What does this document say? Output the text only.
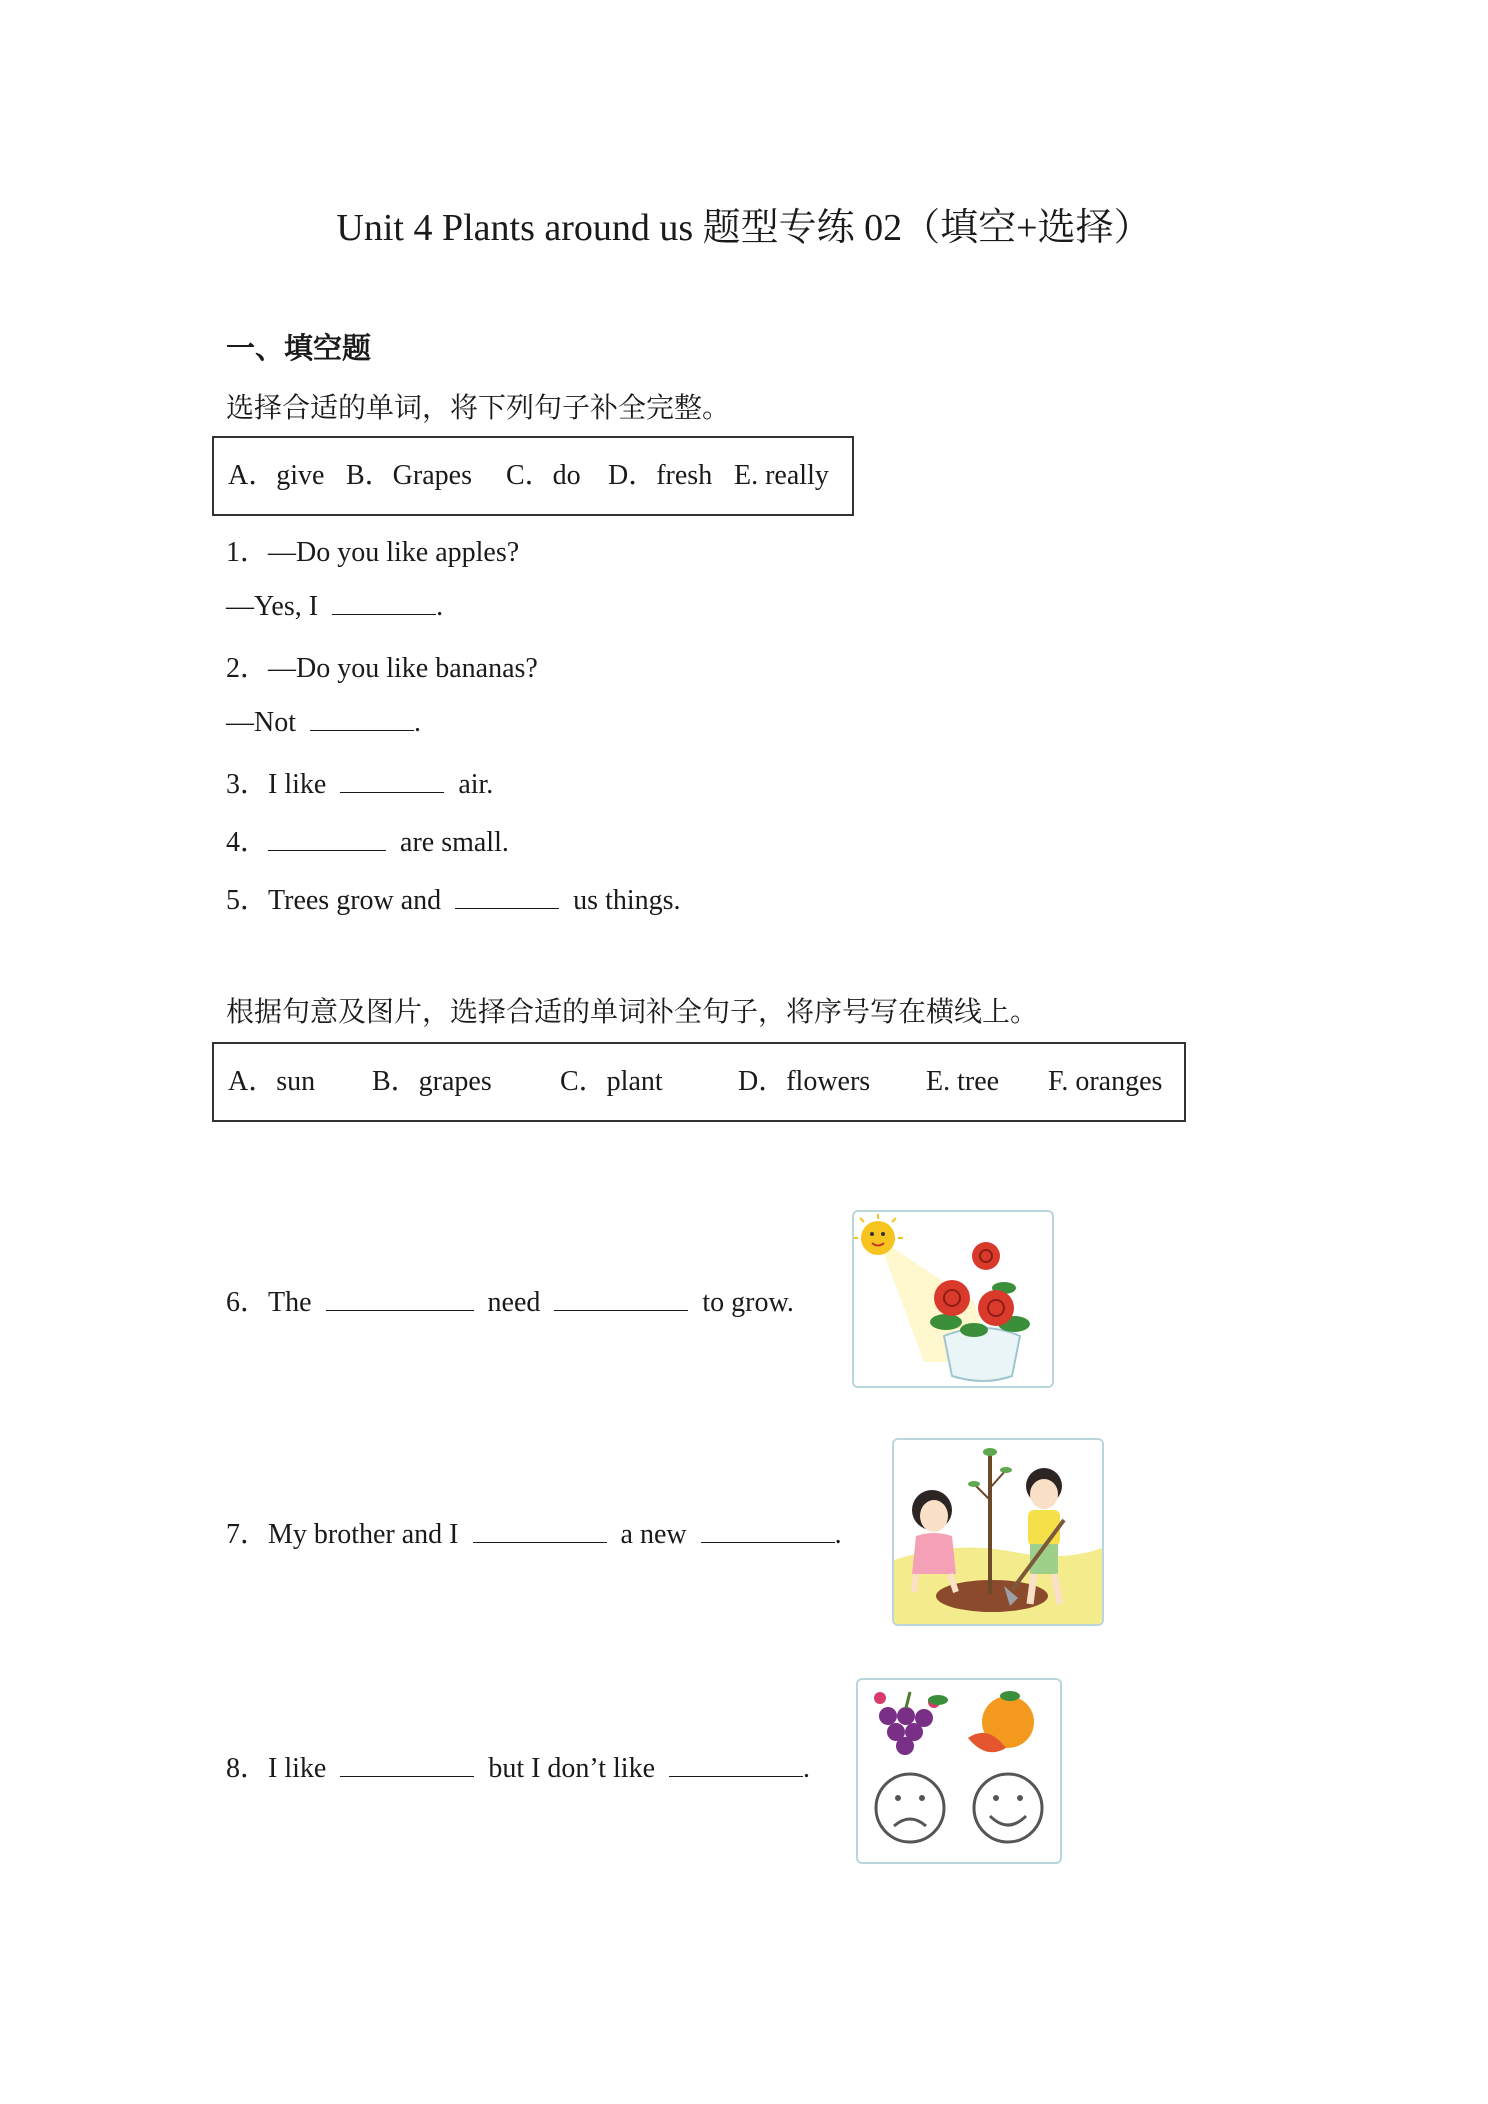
Unit 4 Plants around us 题型专练 02（填空+选择）
一、填空题
选择合适的单词，将下列句子补全完整。
A．give B．Grapes C．do D．fresh E. really
1．—Do you like apples?
—Yes, I	.
2．—Do you like bananas?
—Not	.
3．I like	air.
4．	are small.
5．Trees grow and	us things.
根据句意及图片，选择合适的单词补全句子，将序号写在横线上。
A．sun B．grapes C．plant	D．flowers E. tree F. oranges
6．The	need	to grow.
7．My brother and I	a new	.
8．I like	but I don’t like	.
